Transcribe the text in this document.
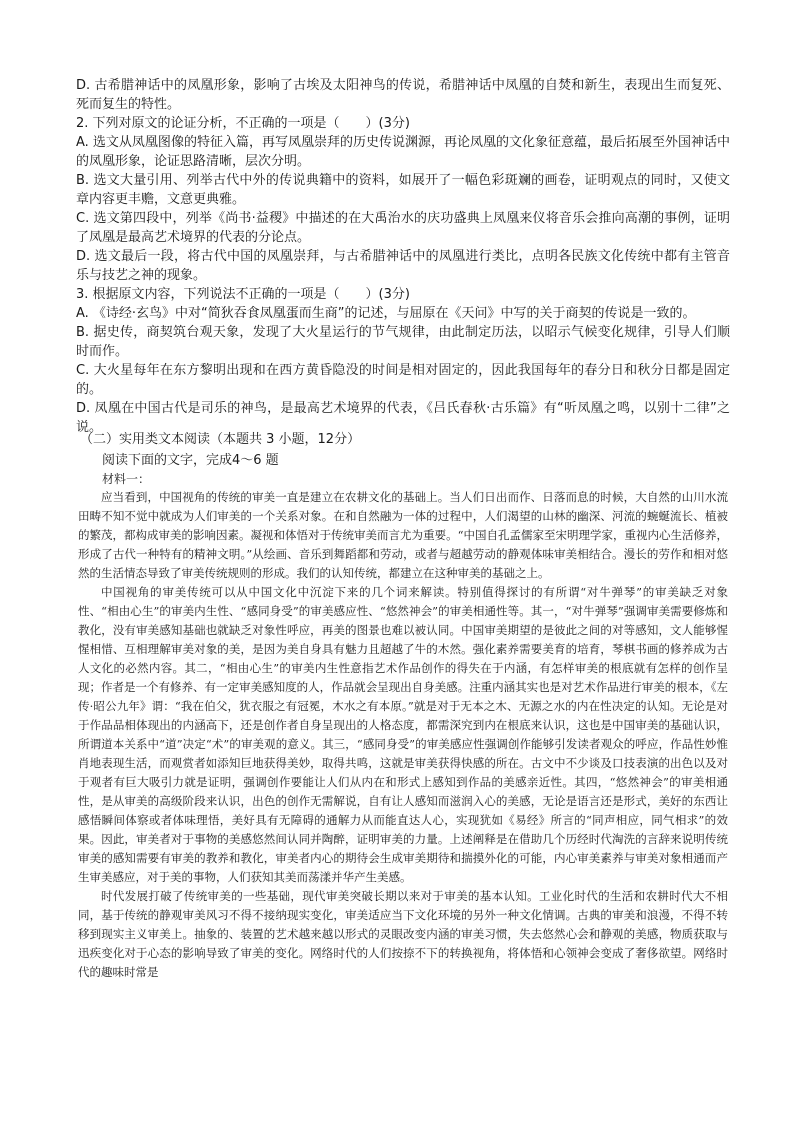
D. 古希腊神话中的凤凰形象，影响了古埃及太阳神鸟的传说，希腊神话中凤凰的自焚和新生，表现出生而复死、死而复生的特性。

2. 下列对原文的论证分析，不正确的一项是（　　）(3分)

A. 选文从凤凰图像的特征入篇，再写凤凰崇拜的历史传说渊源，再论凤凰的文化象征意蕴，最后拓展至外国神话中的凤凰形象，论证思路清晰，层次分明。

B. 选文大量引用、列举古代中外的传说典籍中的资料，如展开了一幅色彩斑斓的画卷，证明观点的同时，又使文章内容更丰赡，文意更典雅。

C. 选文第四段中，列举《尚书·益稷》中描述的在大禹治水的庆功盛典上凤凰来仪将音乐会推向高潮的事例，证明了凤凰是最高艺术境界的代表的分论点。

D. 选文最后一段，将古代中国的凤凰崇拜，与古希腊神话中的凤凰进行类比，点明各民族文化传统中都有主管音乐与技艺之神的现象。

3. 根据原文内容，下列说法不正确的一项是（　　）(3分)

A. 《诗经·玄鸟》中对“简狄吞食凤凰蛋而生商”的记述，与屈原在《天问》中写的关于商契的传说是一致的。

B. 据史传，商契筑台观天象，发现了大火星运行的节气规律，由此制定历法，以昭示气候变化规律，引导人们顺时而作。

C. 大火星每年在东方黎明出现和在西方黄昏隐没的时间是相对固定的，因此我国每年的春分日和秋分日都是固定的。

D. 凤凰在中国古代是司乐的神鸟，是最高艺术境界的代表，《吕氏春秋·古乐篇》有“听凤凰之鸣，以别十二律”之说。

（二）实用类文本阅读（本题共 3 小题，12分）
阅读下面的文字，完成4～6 题
材料一：

应当看到，中国视角的传统的审美一直是建立在农耕文化的基础上。当人们日出而作、日落而息的时候，大自然的山川水流田畴不知不觉中就成为人们审美的一个关系对象。在和自然融为一体的过程中，人们渴望的山林的幽深、河流的蜿蜒流长、植被的繁茂，都构成审美的影响因素。凝视和体悟对于传统审美而言尤为重要。“中国自孔孟儒家至宋明理学家，重视内心生活修养，形成了古代一种特有的精神文明。”从绘画、音乐到舞蹈都和劳动，或者与超越劳动的静观体味审美相结合。漫长的劳作和相对悠然的生活情态导致了审美传统规则的形成。我们的认知传统，都建立在这种审美的基础之上。

中国视角的审美传统可以从中国文化中沉淀下来的几个词来解读。特别值得探讨的有所谓“对牛弹琴”的审美缺乏对象性、“相由心生”的审美内生性、“感同身受”的审美感应性、“悠然神会”的审美相通性等。其一，“对牛弹琴”强调审美需要修炼和教化，没有审美感知基础也就缺乏对象性呼应，再美的图景也难以被认同。中国审美期望的是彼此之间的对等感知，文人能够惺惺相惜、互相理解审美对象的美，是因为美自身具有魅力且超越了牛的木然。强化素养需要美育的培育，琴棋书画的修养成为古人文化的必然内容。其二，“相由心生”的审美内生性意指艺术作品创作的得失在于内涵，有怎样审美的根底就有怎样的创作呈现；作者是一个有修养、有一定审美感知度的人，作品就会呈现出自身美感。注重内涵其实也是对艺术作品进行审美的根本，《左传·昭公九年》谓：“我在伯父，犹衣服之有冠冕，木水之有本原。”就是对于无本之木、无源之水的内在性决定的认知。无论是对于作品品相体现出的内涵高下，还是创作者自身呈现出的人格态度，都需深究到内在根底来认识，这也是中国审美的基础认识，所谓道本关系中“道”决定“术”的审美观的意义。其三，“感同身受”的审美感应性强调创作能够引发读者观众的呼应，作品性妙惟肖地表现生活，而观赏者如添知巨地获得美妙，取得共鸣，这就是审美获得快感的所在。古文中不少谈及口技表演的出色以及对于观者有巨大吸引力就是证明，强调创作要能让人们从内在和形式上感知到作品的美感亲近性。其四，“悠然神会”的审美相通性，是从审美的高级阶段来认识，出色的创作无需解说，自有让人感知而滋润入心的美感，无论是语言还是形式，美好的东西让感悟瞬间体察或者体味理悟，美好具有无障碍的通解力从而能直达人心，实现犹如《易经》所言的“同声相应，同气相求”的效果。因此，审美者对于事物的美感悠然间认同并陶醉，证明审美的力量。上述阐释是在借助几个历经时代淘洗的言辞来说明传统审美的感知需要有审美的教养和教化，审美者内心的期待会生成审美期待和揣摸外化的可能，内心审美素养与审美对象相通而产生审美感应，对于美的事物，人们获知其美而荡漾并华产生美感。

时代发展打破了传统审美的一些基础，现代审美突破长期以来对于审美的基本认知。工业化时代的生活和农耕时代大不相同，基于传统的静观审美风习不得不接纳现实变化，审美适应当下文化环境的另外一种文化情调。古典的审美和浪漫，不得不转移到现实主义审美上。抽象的、装置的艺术越来越以形式的灵眼改变内涵的审美习惯，失去悠然心会和静观的美感，物质获取与迅疾变化对于心态的影响导致了审美的变化。网络时代的人们按捺不下的转换视角，将体悟和心领神会变成了奢侈欲望。网络时代的趣味时常是
